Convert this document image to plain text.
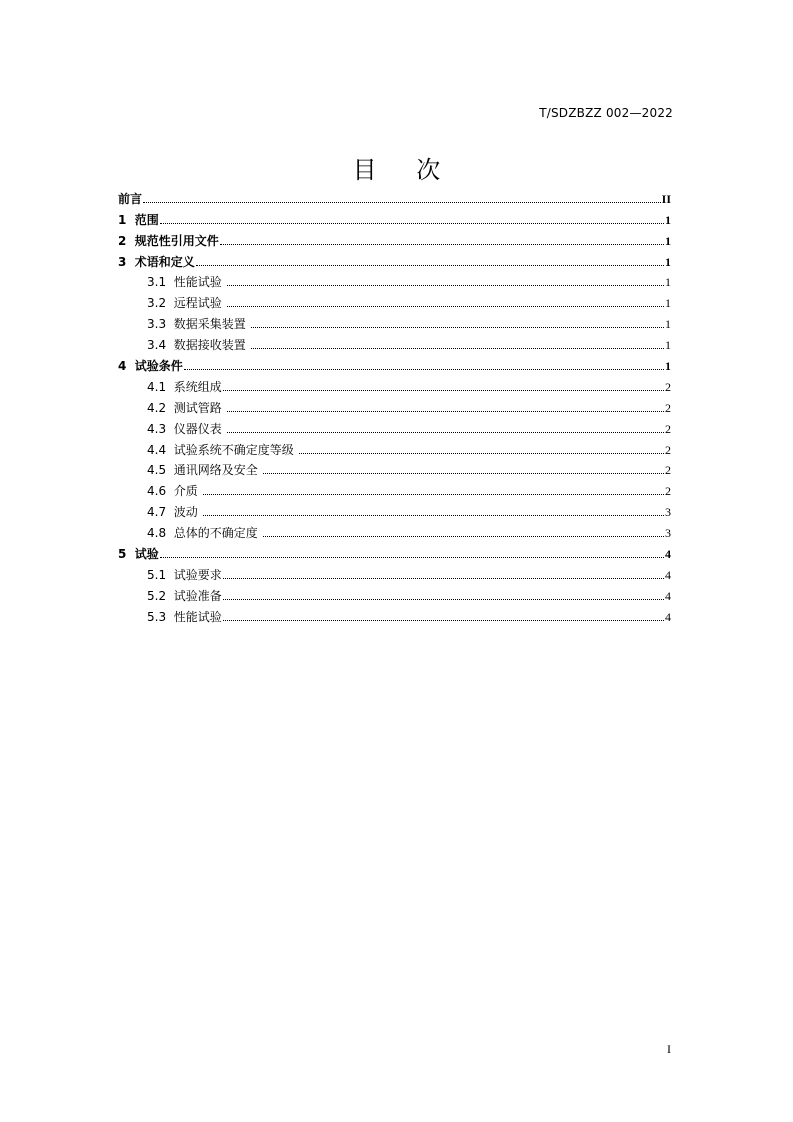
T/SDZBZZ 002—2022
目 次
前言	II
1  范围	1
2  规范性引用文件	1
3  术语和定义	1
3.1  性能试验	1
3.2  远程试验	1
3.3  数据采集装置	1
3.4  数据接收装置	1
4  试验条件	1
4.1  系统组成	2
4.2  测试管路	2
4.3  仪器仪表	2
4.4  试验系统不确定度等级	2
4.5  通讯网络及安全	2
4.6  介质	2
4.7  波动	3
4.8  总体的不确定度	3
5  试验	4
5.1  试验要求	4
5.2  试验准备	4
5.3  性能试验	4
I
